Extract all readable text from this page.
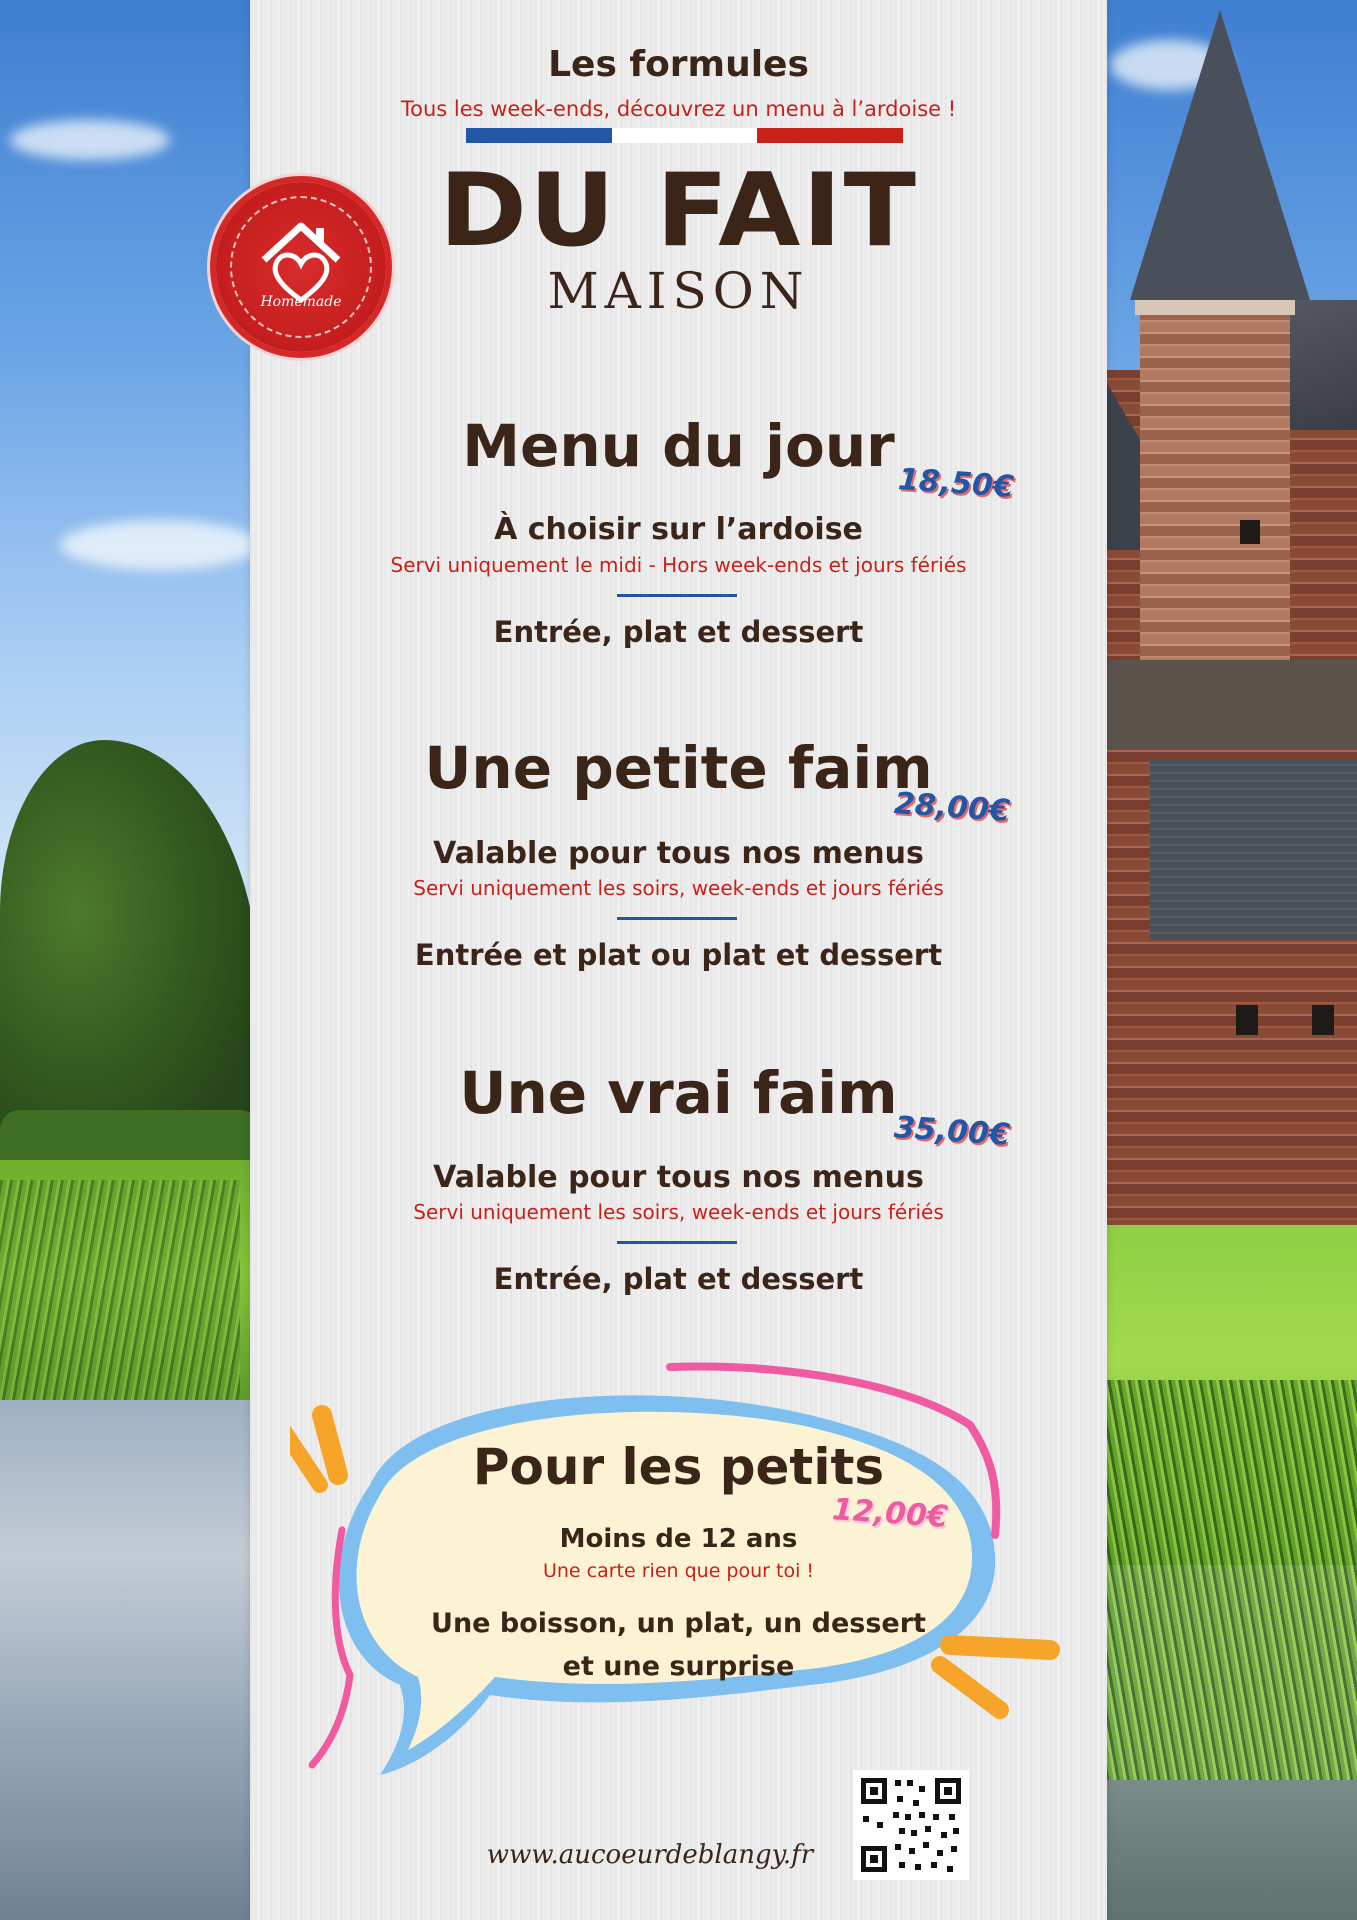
Les formules
Tous les week-ends, découvrez un menu à l’ardoise !
DU FAIT
MAISON
Homemade
Menu du jour
18,50€
À choisir sur l’ardoise
Servi uniquement le midi - Hors week-ends et jours fériés
Entrée, plat et dessert
Une petite faim
28,00€
Valable pour tous nos menus
Servi uniquement les soirs, week-ends et jours fériés
Entrée et plat ou plat et dessert
Une vrai faim
35,00€
Valable pour tous nos menus
Servi uniquement les soirs, week-ends et jours fériés
Entrée, plat et dessert
Pour les petits
12,00€
Moins de 12 ans
Une carte rien que pour toi !
Une boisson, un plat, un dessert
et une surprise
www.aucoeurdeblangy.fr
